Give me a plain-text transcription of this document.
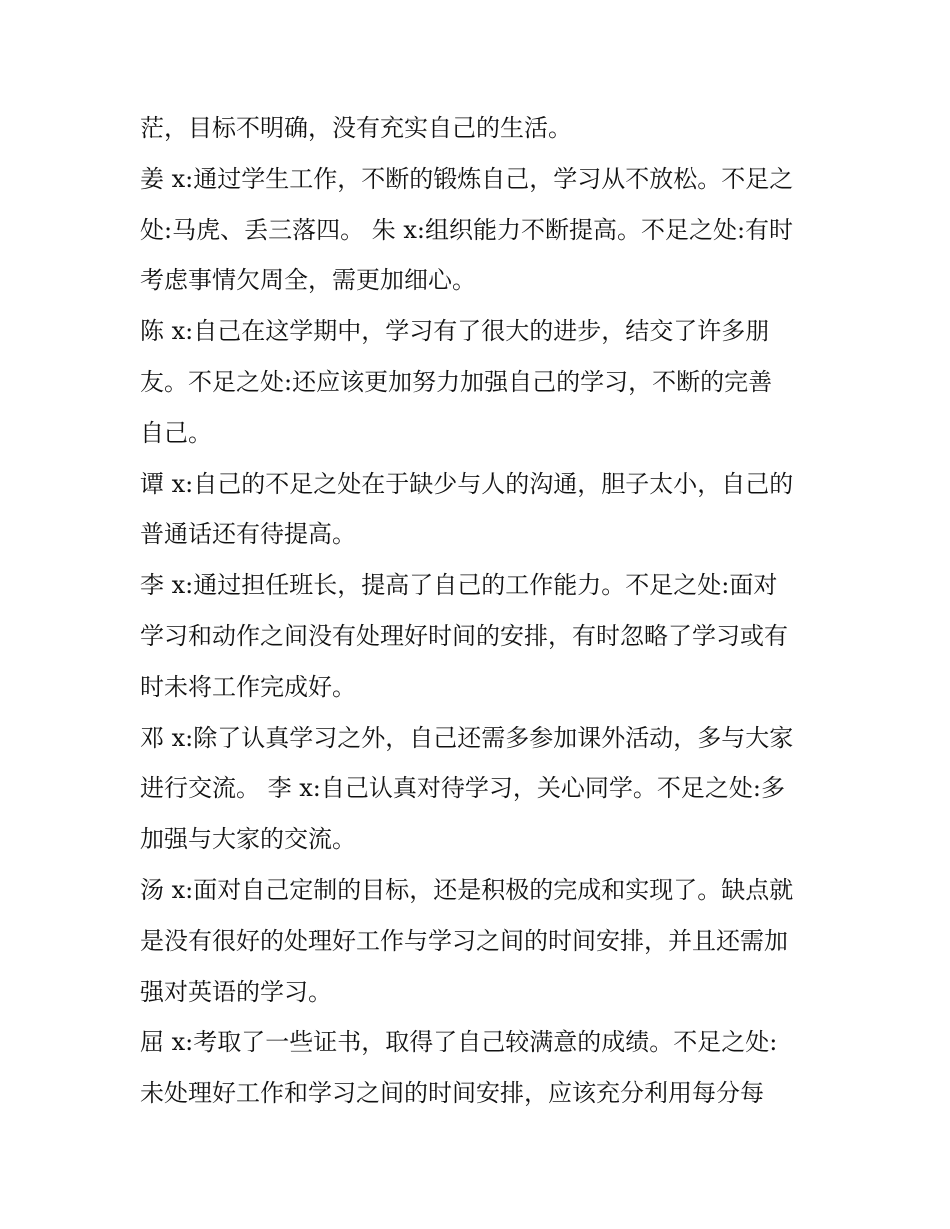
茫，目标不明确，没有充实自己的生活。
姜 x:通过学生工作，不断的锻炼自己，学习从不放松。不足之
处:马虎、丢三落四。 朱 x:组织能力不断提高。不足之处:有时
考虑事情欠周全，需更加细心。
陈 x:自己在这学期中，学习有了很大的进步，结交了许多朋
友。不足之处:还应该更加努力加强自己的学习，不断的完善
自己。
谭 x:自己的不足之处在于缺少与人的沟通，胆子太小，自己的
普通话还有待提高。
李 x:通过担任班长，提高了自己的工作能力。不足之处:面对
学习和动作之间没有处理好时间的安排，有时忽略了学习或有
时未将工作完成好。
邓 x:除了认真学习之外，自己还需多参加课外活动，多与大家
进行交流。 李 x:自己认真对待学习，关心同学。不足之处:多
加强与大家的交流。
汤 x:面对自己定制的目标，还是积极的完成和实现了。缺点就
是没有很好的处理好工作与学习之间的时间安排，并且还需加
强对英语的学习。
屈 x:考取了一些证书，取得了自己较满意的成绩。不足之处:
未处理好工作和学习之间的时间安排，应该充分利用每分每
